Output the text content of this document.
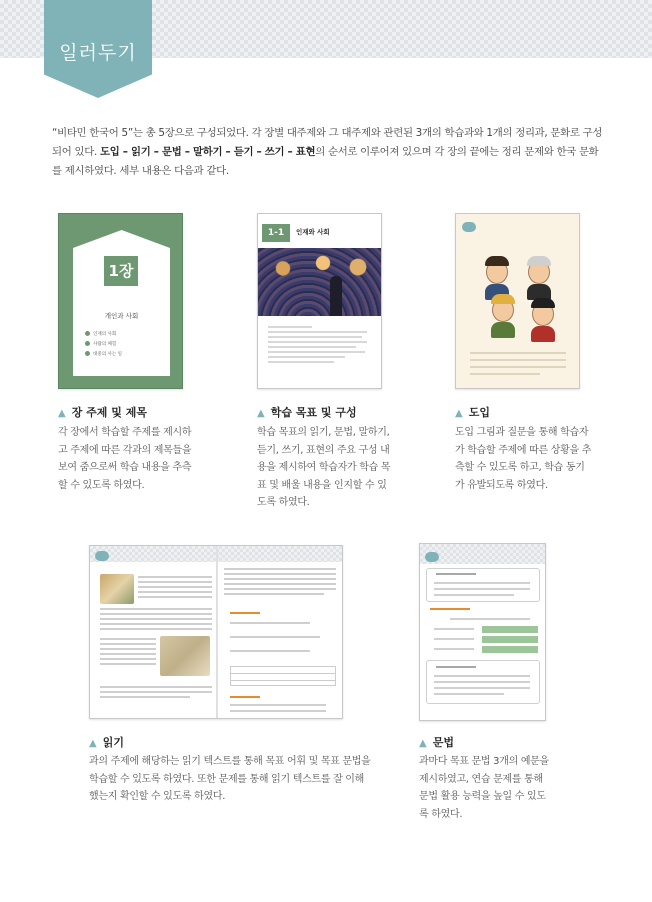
일러두기

“비타민 한국어 5”는 총 5장으로 구성되었다. 각 장별 대주제와 그 대주제와 관련된 3개의 학습과와 1개의 정리과, 문화로 구성되어 있다. 도입 – 읽기 – 문법 – 말하기 – 듣기 – 쓰기 – 표현의 순서로 이루어져 있으며 각 장의 끝에는 정리 문제와 한국 문화를 제시하였다. 세부 내용은 다음과 같다.

1장
개인과 사회
인재의 사회
사람의 체험
대중의 사는 일
▲ 장 주제 및 제목
각 장에서 학습할 주제를 제시하
고 주제에 따른 각과의 제목들을
보여 줌으로써 학습 내용을 추측
할 수 있도록 하였다.
1-1	인재와 사회
▲ 학습 목표 및 구성
학습 목표의 읽기, 문법, 말하기,
듣기, 쓰기, 표현의 주요 구성 내
용을 제시하여 학습자가 학습 목
표 및 배울 내용을 인지할 수 있
도록 하였다.
▲ 도입
도입 그림과 질문을 통해 학습자
가 학습할 주제에 따른 상황을 추
측할 수 있도록 하고, 학습 동기
가 유발되도록 하였다.
▲ 읽기
과의 주제에 해당하는 읽기 텍스트를 통해 목표 어휘 및 목표 문법을
학습할 수 있도록 하였다. 또한 문제를 통해 읽기 텍스트를 잘 이해
했는지 확인할 수 있도록 하였다.
▲ 문법
과마다 목표 문법 3개의 예문을
제시하였고, 연습 문제를 통해
문법 활용 능력을 높일 수 있도
록 하였다.
